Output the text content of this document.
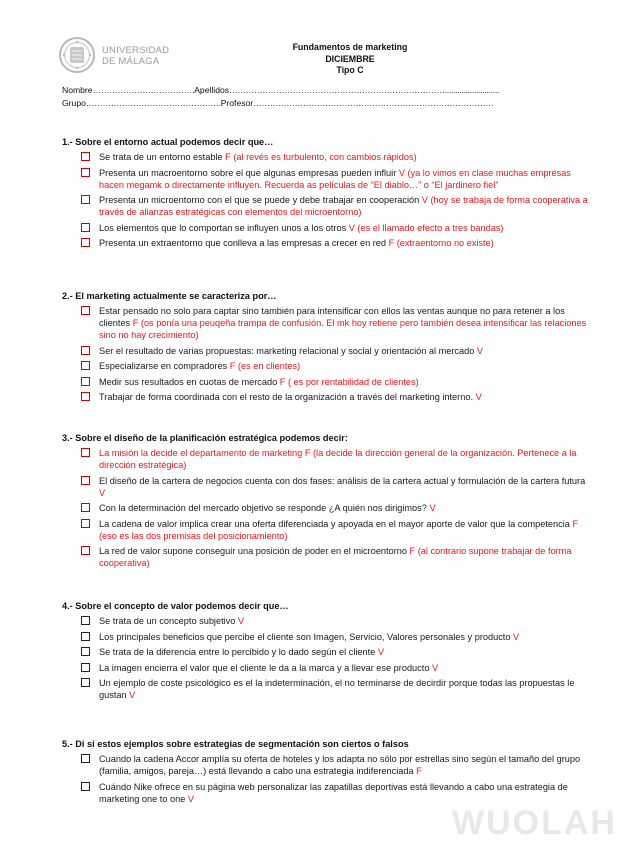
UNIVERSIDAD
DE MÁLAGA
Fundamentos de marketing
DICIEMBRE
Tipo C
Nombre……………………………….Apellidos……………………………………………………………………..........................
Grupo………………………………………….Profesor……………………………………………………………………………
1.- Sobre el entorno actual podemos decir que…
Se trata de un entorno estable F (al revés es turbulento, con cambios rápidos)
Presenta un macroentorno sobre el que algunas empresas pueden influir V (ya lo vimos en clase muchas empresas hacen megamk o directamente influyen. Recuerda as películas de “El diablo…” o “El jardinero fiel”
Presenta un microentorno con el que se puede y debe trabajar en cooperación V (hoy se trabaja de forma cooperativa a través de alianzas estratégicas con elementos del microentorno)
Los elementos que lo comportan se influyen unos a los otros V (es el llamado efecto a tres bandas)
Presenta un extraentorno que conlleva a las empresas a crecer en red F (extraentorno no existe)
2.- El marketing actualmente se caracteriza por…
Estar pensado no solo para captar sino también para intensificar con ellos las ventas aunque no para retener a los clientes F (os ponía una peuqeña trampa de confusión. El mk hoy retiene pero también desea intensificar las relaciones sino no hay crecimiento)
Ser el resultado de varias propuestas: marketing relacional y social y orientación al mercado V
Especializarse en compradores F (es en clientes)
Medir sus resultados en cuotas de mercado F ( es por rentabilidad de clientes)
Trabajar de forma coordinada con el resto de la organización a través del marketing interno. V
3.- Sobre el diseño de la planificación estratégica podemos decir:
La misión la decide el departamento de marketing F (la decide la dirección general de la organización. Pertenece a la dirección estratégica)
El diseño de la cartera de negocios cuenta con dos fases: análisis de la cartera actual y formulación de la cartera futura V
Con la determinación del mercado objetivo se responde ¿A quién nos dirigimos? V
La cadena de valor implica crear una oferta diferenciada y apoyada en el mayor aporte de valor que la competencia F (eso es las dos premisas del posicionamiento)
La red de valor supone conseguir una posición de poder en el microentorno F (al contrario supone trabajar de forma cooperativa)
4.- Sobre el concepto de valor podemos decir que…
Se trata de un concepto subjetivo V
Los principales beneficios que percibe el cliente son Imagen, Servicio, Valores personales y producto V
Se trata de la diferencia entre lo percibido y lo dado según el cliente V
La imagen encierra el valor que el cliente le da a la marca y a llevar ese producto V
Un ejemplo de coste psicológico es el la indeterminación, el no terminarse de decirdir porque todas las propuestas le gustan V
5.- Di si estos ejemplos sobre estrategias de segmentación son ciertos o falsos
Cuando la cadena Accor amplía su oferta de hoteles y los adapta no sólo por estrellas sino según el tamaño del grupo (familia, amigos, pareja…) está llevando a cabo una estrategia indiferenciada F
Cuándo Nike ofrece en su página web personalizar las zapatillas deportivas está llevando a cabo una estrategia de marketing one to one V
WUOLAH
